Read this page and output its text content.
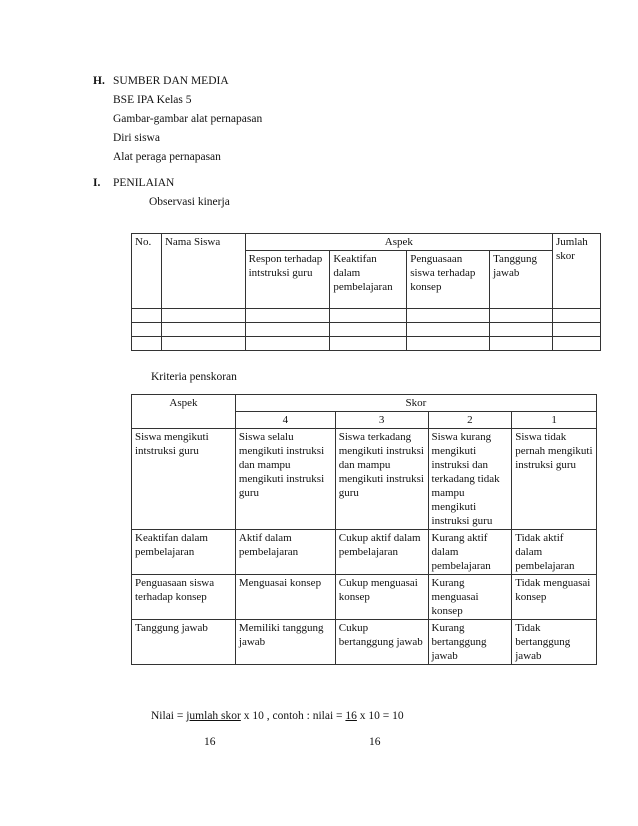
H. SUMBER DAN MEDIA
BSE IPA Kelas 5
Gambar-gambar alat pernapasan
Diri siswa
Alat peraga pernapasan
I. PENILAIAN
Observasi kinerja
No.	Nama Siswa	Aspek				Jumlah skor
		Respon terhadap intstruksi guru	Keaktifan dalam pembelajaran	Penguasaan siswa terhadap konsep	Tanggung jawab	

Kriteria penskoran
Aspek	Skor			
	4	3	2	1
Siswa mengikuti intstruksi guru	Siswa selalu mengikuti instruksi dan mampu mengikuti instruksi guru	Siswa terkadang mengikuti instruksi dan mampu mengikuti instruksi guru	Siswa kurang mengikuti instruksi dan terkadang tidak mampu mengikuti instruksi guru	Siswa tidak pernah mengikuti instruksi guru
Keaktifan dalam pembelajaran	Aktif dalam pembelajaran	Cukup aktif dalam pembelajaran	Kurang aktif dalam pembelajaran	Tidak aktif dalam pembelajaran
Penguasaan siswa terhadap konsep	Menguasai konsep	Cukup menguasai konsep	Kurang menguasai konsep	Tidak menguasai konsep
Tanggung jawab	Memiliki tanggung jawab	Cukup bertanggung jawab	Kurang bertanggung jawab	Tidak bertanggung jawab
Nilai = jumlah skor x 10 , contoh : nilai = 16 x 10 = 10
16	16
